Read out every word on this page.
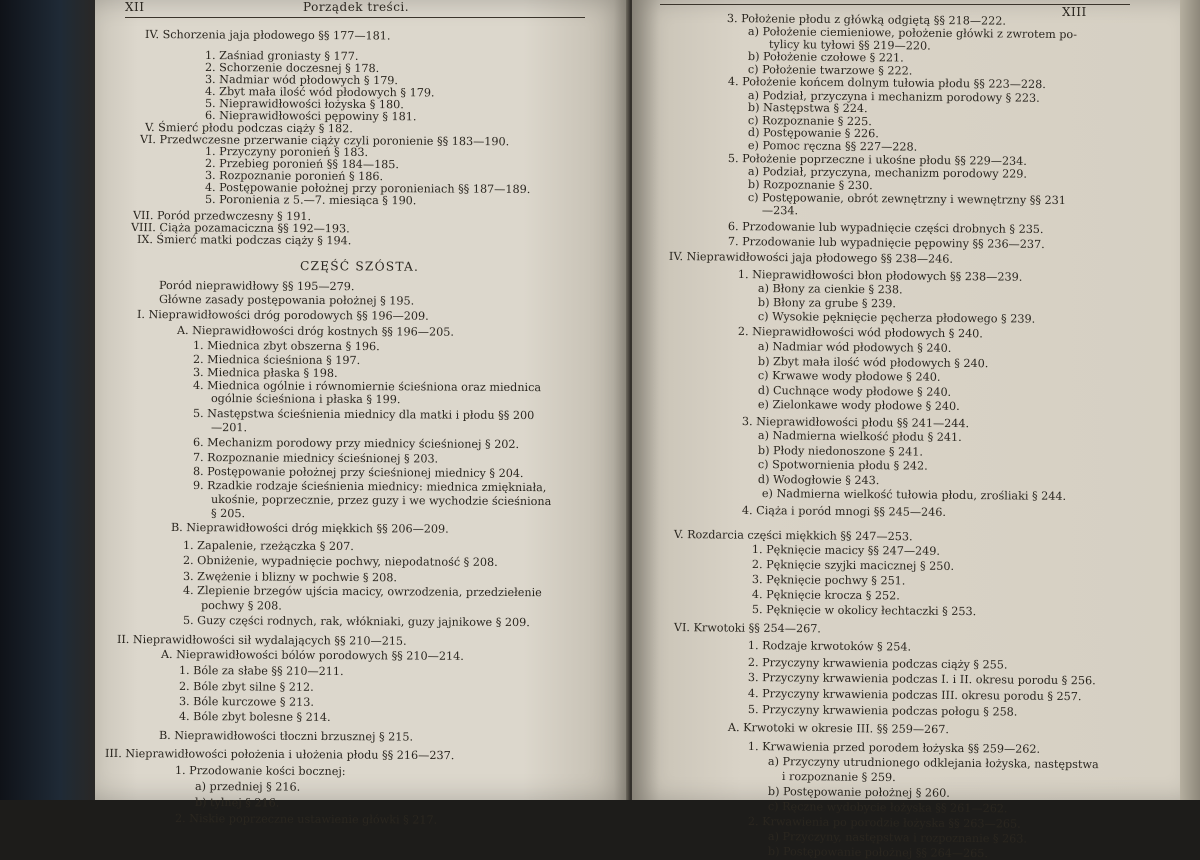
XII	Porządek treści.
IV. Schorzenia jaja płodowego §§ 177—181.
1. Zaśniad groniasty § 177.
2. Schorzenie doczesnej § 178.
3. Nadmiar wód płodowych § 179.
4. Zbyt mała ilość wód płodowych § 179.
5. Nieprawidłowości łożyska § 180.
6. Nieprawidłowości pępowiny § 181.
V. Śmierć płodu podczas ciąży § 182.
VI. Przedwczesne przerwanie ciąży czyli poronienie §§ 183—190.
1. Przyczyny poronień § 183.
2. Przebieg poronień §§ 184—185.
3. Rozpoznanie poronień § 186.
4. Postępowanie położnej przy poronieniach §§ 187—189.
5. Poronienia z 5.—7. miesiąca § 190.
VII. Poród przedwczesny § 191.
VIII. Ciąża pozamaciczna §§ 192—193.
IX. Śmierć matki podczas ciąży § 194.
CZĘŚĆ SZÓSTA.
Poród nieprawidłowy §§ 195—279.
Główne zasady postępowania położnej § 195.
I. Nieprawidłowości dróg porodowych §§ 196—209.
A. Nieprawidłowości dróg kostnych §§ 196—205.
1. Miednica zbyt obszerna § 196.
2. Miednica ścieśniona § 197.
3. Miednica płaska § 198.
4. Miednica ogólnie i równomiernie ścieśniona oraz miednica
ogólnie ścieśniona i płaska § 199.
5. Następstwa ścieśnienia miednicy dla matki i płodu §§ 200
—201.
6. Mechanizm porodowy przy miednicy ścieśnionej § 202.
7. Rozpoznanie miednicy ścieśnionej § 203.
8. Postępowanie położnej przy ścieśnionej miednicy § 204.
9. Rzadkie rodzaje ścieśnienia miednicy: miednica zmiękniała,
ukośnie, poprzecznie, przez guzy i we wychodzie ścieśniona
§ 205.
B. Nieprawidłowości dróg miękkich §§ 206—209.
1. Zapalenie, rzeżączka § 207.
2. Obniżenie, wypadnięcie pochwy, niepodatność § 208.
3. Zwężenie i blizny w pochwie § 208.
4. Zlepienie brzegów ujścia macicy, owrzodzenia, przedziełenie
pochwy § 208.
5. Guzy części rodnych, rak, włókniaki, guzy jajnikowe § 209.
II. Nieprawidłowości sił wydalających §§ 210—215.
A. Nieprawidłowości bólów porodowych §§ 210—214.
1. Bóle za słabe §§ 210—211.
2. Bóle zbyt silne § 212.
3. Bóle kurczowe § 213.
4. Bóle zbyt bolesne § 214.
B. Nieprawidłowości tłoczni brzusznej § 215.
III. Nieprawidłowości położenia i ułożenia płodu §§ 216—237.
1. Przodowanie kości bocznej:
a) przedniej § 216.
b) tylnej § 216.
2. Niskie poprzeczne ustawienie główki § 217.
XIII
3. Położenie płodu z główką odgiętą §§ 218—222.
a) Położenie ciemieniowe, położenie główki z zwrotem po-
tylicy ku tyłowi §§ 219—220.
b) Położenie czołowe § 221.
c) Położenie twarzowe § 222.
4. Położenie końcem dolnym tułowia płodu §§ 223—228.
a) Podział, przyczyna i mechanizm porodowy § 223.
b) Następstwa § 224.
c) Rozpoznanie § 225.
d) Postępowanie § 226.
e) Pomoc ręczna §§ 227—228.
5. Położenie poprzeczne i ukośne płodu §§ 229—234.
a) Podział, przyczyna, mechanizm porodowy 229.
b) Rozpoznanie § 230.
c) Postępowanie, obrót zewnętrzny i wewnętrzny §§ 231
—234.
6. Przodowanie lub wypadnięcie części drobnych § 235.
7. Przodowanie lub wypadnięcie pępowiny §§ 236—237.
IV. Nieprawidłowości jaja płodowego §§ 238—246.
1. Nieprawidłowości błon płodowych §§ 238—239.
a) Błony za cienkie § 238.
b) Błony za grube § 239.
c) Wysokie pęknięcie pęcherza płodowego § 239.
2. Nieprawidłowości wód płodowych § 240.
a) Nadmiar wód płodowych § 240.
b) Zbyt mała ilość wód płodowych § 240.
c) Krwawe wody płodowe § 240.
d) Cuchnące wody płodowe § 240.
e) Zielonkawe wody płodowe § 240.
3. Nieprawidłowości płodu §§ 241—244.
a) Nadmierna wielkość płodu § 241.
b) Płody niedonoszone § 241.
c) Spotwornienia płodu § 242.
d) Wodogłowie § 243.
e) Nadmierna wielkość tułowia płodu, zrośliaki § 244.
4. Ciąża i poród mnogi §§ 245—246.
V. Rozdarcia części miękkich §§ 247—253.
1. Pęknięcie macicy §§ 247—249.
2. Pęknięcie szyjki macicznej § 250.
3. Pęknięcie pochwy § 251.
4. Pęknięcie krocza § 252.
5. Pęknięcie w okolicy łechtaczki § 253.
VI. Krwotoki §§ 254—267.
1. Rodzaje krwotoków § 254.
2. Przyczyny krwawienia podczas ciąży § 255.
3. Przyczyny krwawienia podczas I. i II. okresu porodu § 256.
4. Przyczyny krwawienia podczas III. okresu porodu § 257.
5. Przyczyny krwawienia podczas połogu § 258.
A. Krwotoki w okresie III. §§ 259—267.
1. Krwawienia przed porodem łożyska §§ 259—262.
a) Przyczyny utrudnionego odklejania łożyska, następstwa
i rozpoznanie § 259.
b) Postępowanie położnej § 260.
c) Ręczne wydobycie łożyska §§ 261—262.
2. Krwawienia po porodzie łożyska §§ 263—265.
a) Przyczyny, następstwa i rozpoznanie § 263.
b) Postępowanie położnej §§ 264—265.
